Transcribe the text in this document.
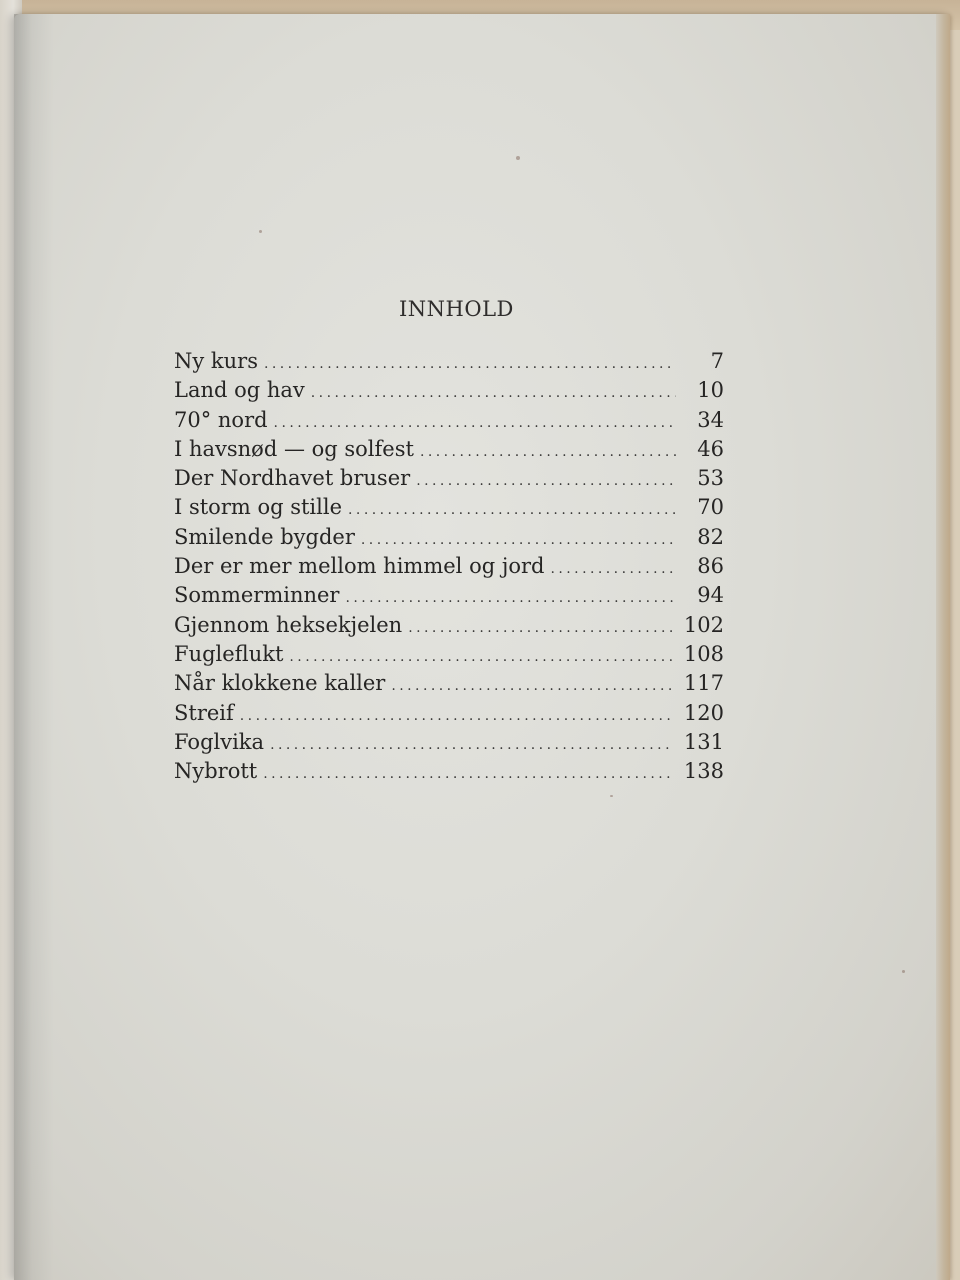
INNHOLD
Ny kurs . . .	7
Land og hav . . .	10
70° nord . . .	34
I havsnød — og solfest . . .	46
Der Nordhavet bruser . . .	53
I storm og stille . . .	70
Smilende bygder . . .	82
Der er mer mellom himmel og jord . . .	86
Sommerminner . . .	94
Gjennom heksekjelen . . .	102
Fugleflukt . . .	108
Når klokkene kaller . . .	117
Streif . . .	120
Foglvika . . .	131
Nybrott . . .	138
